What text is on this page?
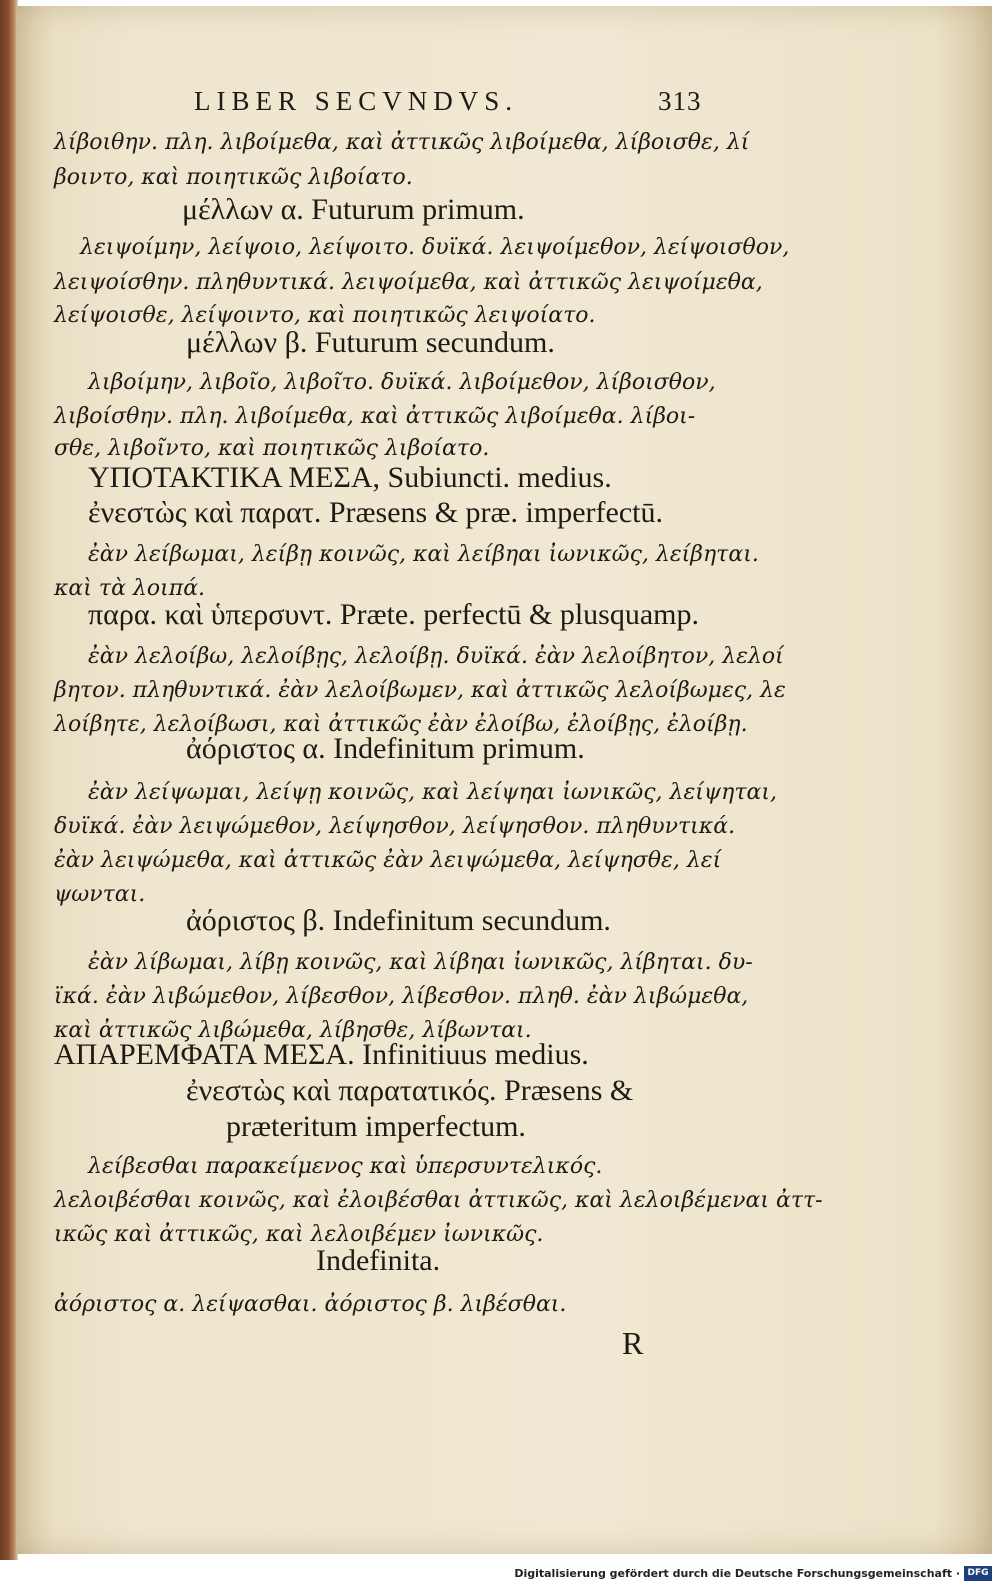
LIBER SECVNDVS.	313
λίβοιθην. πλη. λιβοίμεθα, καὶ ἀττικῶς λιβοίμεθα, λίβοισθε, λί
βοιντο, καὶ ποιητικῶς λιβοίατο.
μέλλων α. Futurum primum.
λειψοίμην, λείψοιο, λείψοιτο. δυϊκά. λειψοίμεθον, λείψοισθον,
λειψοίσθην. πληθυντικά. λειψοίμεθα, καὶ ἀττικῶς λειψοίμεθα,
λείψοισθε, λείψοιντο, καὶ ποιητικῶς λειψοίατο.
μέλλων β. Futurum secundum.
λιβοίμην, λιβοῖο, λιβοῖτο. δυϊκά. λιβοίμεθον, λίβοισθον,
λιβοίσθην. πλη. λιβοίμεθα, καὶ ἀττικῶς λιβοίμεθα. λίβοι-
σθε, λιβοῖντο, καὶ ποιητικῶς λιβοίατο.
ΥΠΟΤΑΚΤΙΚΑ ΜΕΣΑ, Subiuncti. medius.
ἐνεστὼς καὶ παρατ. Præsens & præ. imperfectū.
ἐὰν λείβωμαι, λείβῃ κοινῶς, καὶ λείβηαι ἰωνικῶς, λείβηται.
καὶ τὰ λοιπά.
παρα. καὶ ὑπερσυντ. Præte. perfectū & plusquamp.
ἐὰν λελοίβω, λελοίβῃς, λελοίβῃ. δυϊκά. ἐὰν λελοίβητον, λελοί
βητον. πληθυντικά. ἐὰν λελοίβωμεν, καὶ ἀττικῶς λελοίβωμες, λε
λοίβητε, λελοίβωσι, καὶ ἀττικῶς ἐὰν ἐλοίβω, ἐλοίβῃς, ἐλοίβῃ.
ἀόριστος α. Indefinitum primum.
ἐὰν λείψωμαι, λείψῃ κοινῶς, καὶ λείψηαι ἰωνικῶς, λείψηται,
δυϊκά. ἐὰν λειψώμεθον, λείψησθον, λείψησθον. πληθυντικά.
ἐὰν λειψώμεθα, καὶ ἀττικῶς ἐὰν λειψώμεθα, λείψησθε, λεί
ψωνται.
ἀόριστος β. Indefinitum secundum.
ἐὰν λίβωμαι, λίβῃ κοινῶς, καὶ λίβηαι ἰωνικῶς, λίβηται. δυ-
ϊκά. ἐὰν λιβώμεθον, λίβεσθον, λίβεσθον. πληθ. ἐὰν λιβώμεθα,
καὶ ἀττικῶς λιβώμεθα, λίβησθε, λίβωνται.
ΑΠΑΡΕΜΦΑΤΑ ΜΕΣΑ. Infinitiuus medius.
ἐνεστὼς καὶ παρατατικός. Præsens &
præteritum imperfectum.
λείβεσθαι παρακείμενος καὶ ὑπερσυντελικός.
λελοιβέσθαι κοινῶς, καὶ ἐλοιβέσθαι ἀττικῶς, καὶ λελοιβέμεναι ἀττ-
ικῶς καὶ ἀττικῶς, καὶ λελοιβέμεν ἰωνικῶς.
Indefinita.
ἀόριστος α. λείψασθαι. ἀόριστος β. λιβέσθαι.
R
Digitalisierung gefördert durch die Deutsche Forschungsgemeinschaft · DFG
